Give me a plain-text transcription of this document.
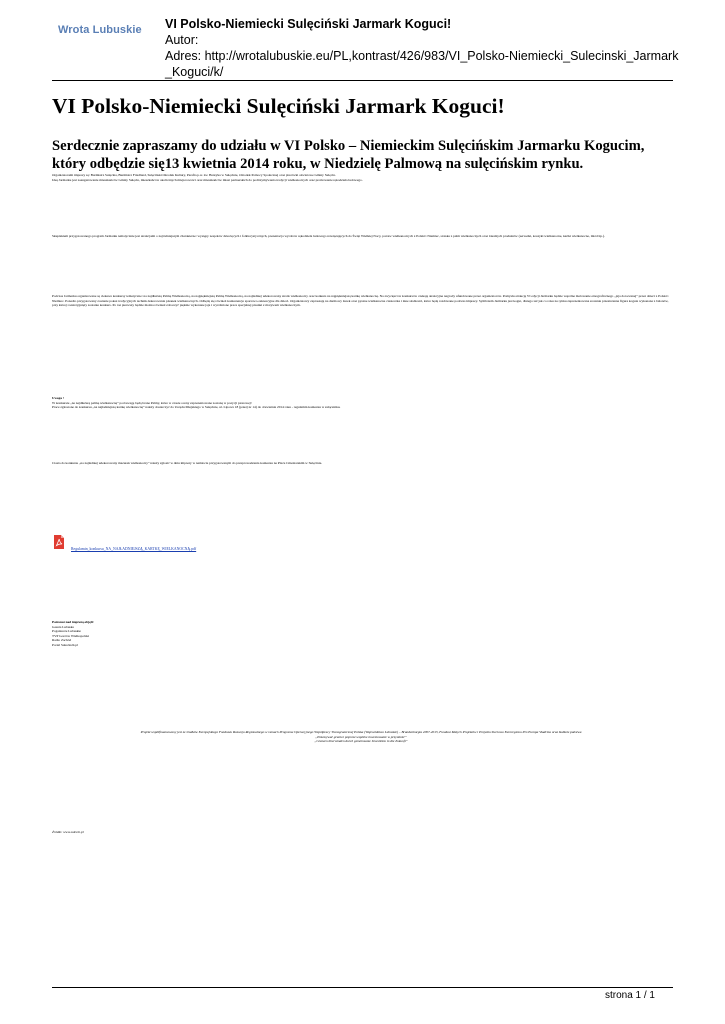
Wrota Lubuskie VI Polsko-Niemiecki Sulęciński Jarmark Koguci!
Autor:
Adres: http://wrotalubuskie.eu/PL,kontrast/426/983/VI_Polsko-Niemiecki_Sulecinski_Jarmark_Koguci/k/
VI Polsko-Niemiecki Sulęciński Jarmark Koguci!
Serdecznie zapraszamy do udziału w VI Polsko – Niemieckim Sulęcińskim Jarmarku Kogucim, który odbędzie się13 kwietnia 2014 roku, w Niedzielę Palmową na sulęcińskim rynku.
Organizatorami imprezy są: Burmistrz Sulęcina, Burmistrz Friedland, Sulęciński Ośrodek Kultury, Parafia p.w. św. Henryka w Sulęcinie, Ośrodek Pomocy Społecznej oraz placówki oświatowe Gminy Sulęcin.
Ideą Jarmarku jest zaangażowanie mieszkańców Gminy Sulęcin, mieszkańców okolicznych miejscowości oraz mieszkańców miast partnerskich do podtrzymywania tradycji wielkanocnych oraz promowanie rękodzieła ludowego.
Skupiskiem przygotowanego program Jarmarku tematycznie jest atrakcjami o najróżniejszym charakterze: występy zespołów dziecięcych i folklorystycznych, prezentacja wyrobów rękodzieła ludowego nawiązujących do Świąt Wielkiej Nocy, potraw wielkanocnych z Polski i Niemiec, stoiska z palm wielkanocnych oraz lokalnych produktów (serwetki, koszyki wielkanocne, kartki wielkanocne, miód itp.).
Podczas Jarmarku organizowane są ciekawe konkursy tematyczne: na najdłuższą Palmę Wielkanocną, na najpiękniejszą Palmę Wielkanocną, na najładniej udekorowany stroik wielkanocny oraz konkurs na najpiękniejszą kartkę wielkanocną. Na zwycięzców konkursów czekają atrakcyjne nagrody ufundowane przez organizatorów. Pomysłu atrakcją VI edycji Jarmarku będzie wspólne malowanie etnograficznego „jaja doroczanej” przez dzieci z Polski i Niemiec. Ponadto przygotowany zostanie pokaz tradycyjnych technik dekorowania pisanek wielkanocnych. Odbędą się również konkurencje sportowo-rekreacyjne dla dzieci. Organizatorzy zapraszają na darmowy żurek oraz pyszne wielkanocne ciasteczka i inne słodkości, które będą rozdawane podczas imprezy. Symbolem Jarmarku jest kogut, dlatego też jak co roku na rynku zaprezentowana zostanie przestrzenna figura koguta wykonana z balonów, przy której rozstrzygnięty zostanie konkurs. Po raz pierwszy będzie można również zobaczyć pięknie wykonane jaja i wyróżnione prace specjalnej pisanki z motywem wielkanocnym.
Uwaga !
W konkursie „na najdłuższą palmę wielkanocną” pod uwagę będą brane Palmy, które w czasie oceny zaprezentowane zostaną w pozycji pionowej!
Prace zgłoszone do konkursu „na najładniejszą kartkę wielkanocną” należy dostarczyć do Urzędu Miejskiego w Sulęcinie, ul. Lipowa 18 (pokój nr 14) do 4 kwietnia 2014 roku - regulamin konkursu w załączniku.
Ciasta do konkursu „na najładniej udekorowany mazurek wielkanocny” należy zgłosić w dniu imprezy w namiocie przygotowanym do przeprowadzenia konkursu na Placu Cmentarskim w Sulęcinie.
Regulamin_konkursu_NA_NAJŁADNIEJSZĄ_KARTKĘ_WIELKANOCNĄ.pdf
Patronat nad imprezą objęli:
Gazeta Lubuska
Poganiacze Lubuskie
TVP Gorzów Wielkopolski
Radio Zachód
Portal Sulecin24.pl
Projekt współfinansowany jest ze środków Europejskiego Funduszu Rozwoju Regionalnego w ramach Programu Operacyjnego Współpracy Transgranicznej Polska (Województwo Lubuskie) – Brandenburgia 2007-2013, Fundusz Małych Projektów i Projektu Sieciowo Euroregionu Pro Europa Viadrina oraz budżetu państwa
„Pokonywać granice poprzez wspólne inwestowanie w przyszłość”
„Grenzen überwinden durch gemeinsame Investition in die Zukunft”
Źródło: www.sulecin.pl
strona 1 / 1
